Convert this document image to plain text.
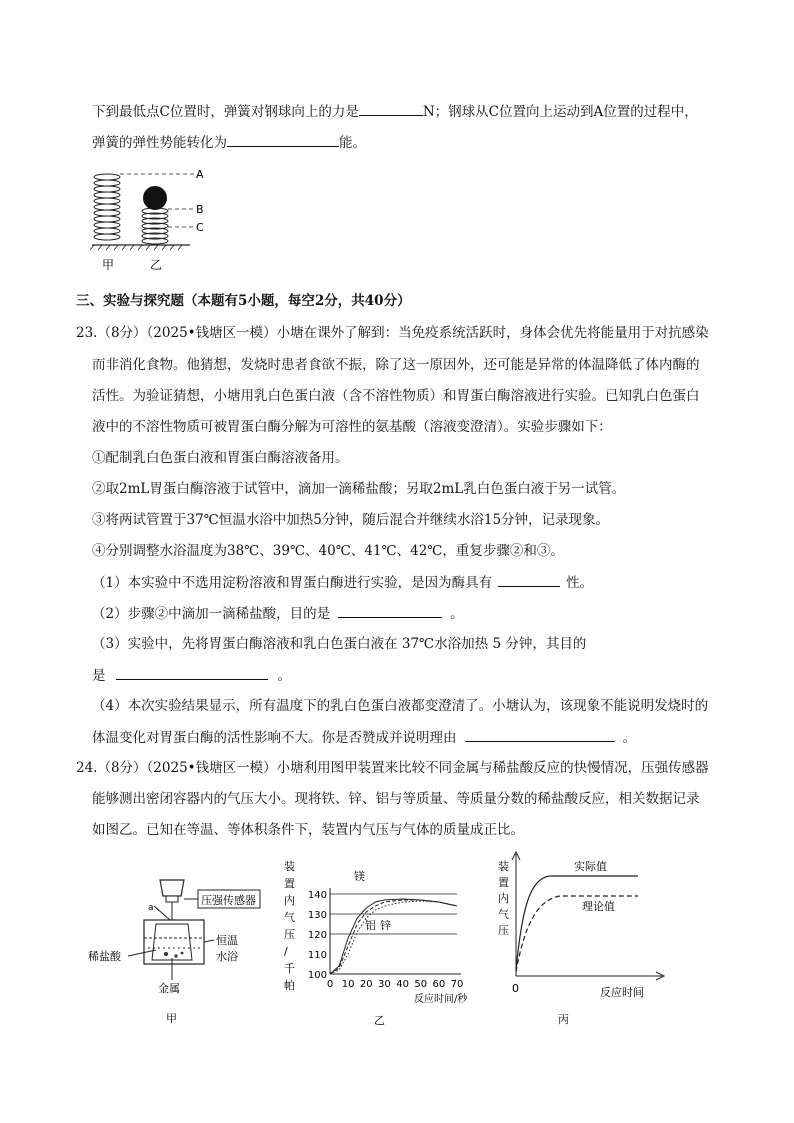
下到最低点C位置时，弹簧对钢球向上的力是	N；钢球从C位置向上运动到A位置的过程中，
弹簧的弹性势能转化为	能。
A
B
C
甲	乙
三、实验与探究题（本题有5小题，每空2分，共40分）
23.（8分）（2025•钱塘区一模）小塘在课外了解到：当免疫系统活跃时，身体会优先将能量用于对抗感染
而非消化食物。他猜想，发烧时患者食欲不振，除了这一原因外，还可能是异常的体温降低了体内酶的
活性。为验证猜想，小塘用乳白色蛋白液（含不溶性物质）和胃蛋白酶溶液进行实验。已知乳白色蛋白
液中的不溶性物质可被胃蛋白酶分解为可溶性的氨基酸（溶液变澄清）。实验步骤如下：
①配制乳白色蛋白液和胃蛋白酶溶液备用。
②取2mL胃蛋白酶溶液于试管中，滴加一滴稀盐酸；另取2mL乳白色蛋白液于另一试管。
③将两试管置于37℃恒温水浴中加热5分钟，随后混合并继续水浴15分钟，记录现象。
④分别调整水浴温度为38℃、39℃、40℃、41℃、42℃，重复步骤②和③。
（1）本实验中不选用淀粉溶液和胃蛋白酶进行实验，是因为酶具有	性。
（2）步骤②中滴加一滴稀盐酸，目的是	。
（3）实验中，先将胃蛋白酶溶液和乳白色蛋白液在 37℃水浴加热 5 分钟，其目的
是	。
（4）本次实验结果显示，所有温度下的乳白色蛋白液都变澄清了。小塘认为，该现象不能说明发烧时的
体温变化对胃蛋白酶的活性影响不大。你是否赞成并说明理由	。
24.（8分）（2025•钱塘区一模）小塘利用图甲装置来比较不同金属与稀盐酸反应的快慢情况，压强传感器
能够测出密闭容器内的气压大小。现将铁、锌、铝与等质量、等质量分数的稀盐酸反应，相关数据记录
如图乙。已知在等温、等体积条件下，装置内气压与气体的质量成正比。
压强传感器
a
稀盐酸
恒温
水浴
金属
甲
装
置
内
气
压
/
千
帕
100
110
120
130
140
0 10 20 30 40 50 60 70
镁
铝 锌
反应时间/秒
乙
装
置
内
气
压
实际值
理论值
0	反应时间
丙
